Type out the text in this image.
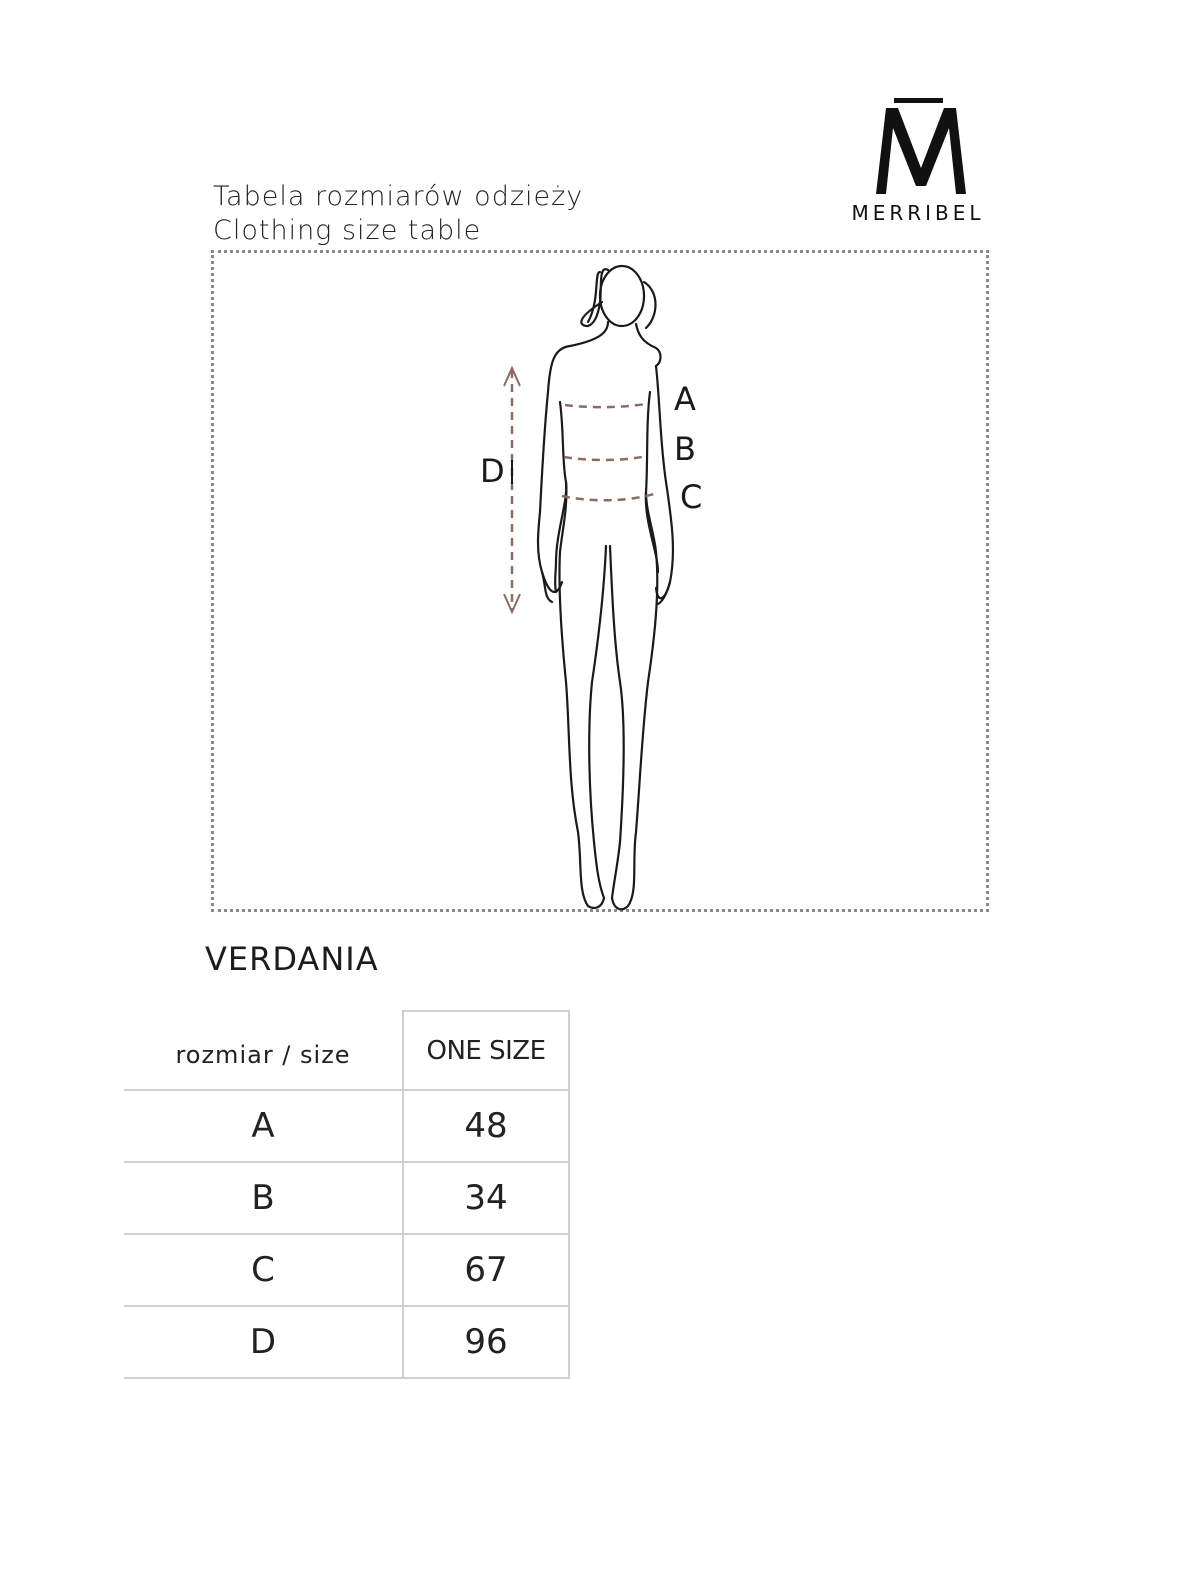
Tabela rozmiarów odzieży
Clothing size table
MERRIBEL
A
B
C
D
VERDANIA
rozmiar / size	ONE SIZE
A	48
B	34
C	67
D	96
